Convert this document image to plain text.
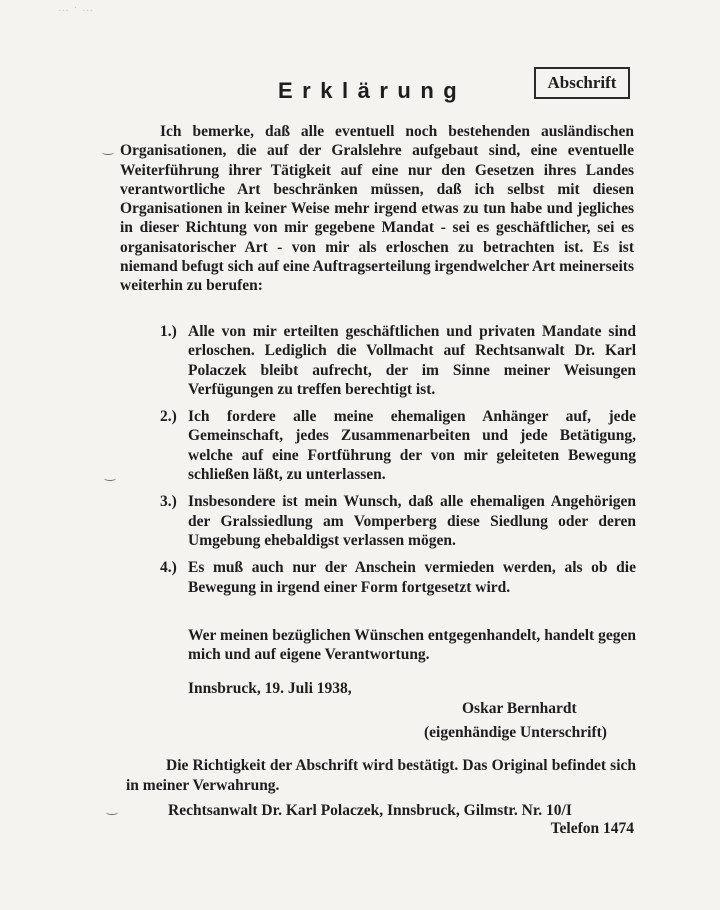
… · …
Erklärung	Abschrift

Ich bemerke, daß alle eventuell noch bestehenden ausländischen Organisationen, die auf der Gralslehre aufgebaut sind, eine eventuelle Weiterführung ihrer Tätigkeit auf eine nur den Gesetzen ihres Landes verantwortliche Art beschränken müssen, daß ich selbst mit diesen Organisationen in keiner Weise mehr irgend etwas zu tun habe und jegliches in dieser Richtung von mir gegebene Mandat - sei es geschäftlicher, sei es organisatorischer Art - von mir als erloschen zu betrachten ist. Es ist niemand befugt sich auf eine Auftragserteilung irgendwelcher Art meinerseits weiterhin zu berufen:

1.) Alle von mir erteilten geschäftlichen und privaten Mandate sind erloschen. Lediglich die Vollmacht auf Rechtsanwalt Dr. Karl Polaczek bleibt aufrecht, der im Sinne meiner Weisungen Verfügungen zu treffen berechtigt ist.
2.) Ich fordere alle meine ehemaligen Anhänger auf, jede Gemeinschaft, jedes Zusammenarbeiten und jede Betätigung, welche auf eine Fortführung der von mir geleiteten Bewegung schließen läßt, zu unterlassen.
3.) Insbesondere ist mein Wunsch, daß alle ehemaligen Angehörigen der Gralssiedlung am Vomperberg diese Siedlung oder deren Umgebung ehebaldigst verlassen mögen.
4.) Es muß auch nur der Anschein vermieden werden, als ob die Bewegung in irgend einer Form fortgesetzt wird.
Wer meinen bezüglichen Wünschen entgegenhandelt, handelt gegen mich und auf eigene Verantwortung.
Innsbruck, 19. Juli 1938,
Oskar Bernhardt
(eigenhändige Unterschrift)

Die Richtigkeit der Abschrift wird bestätigt. Das Original befindet sich in meiner Verwahrung.

Rechtsanwalt Dr. Karl Polaczek, Innsbruck, Gilmstr. Nr. 10/I
Telefon 1474
